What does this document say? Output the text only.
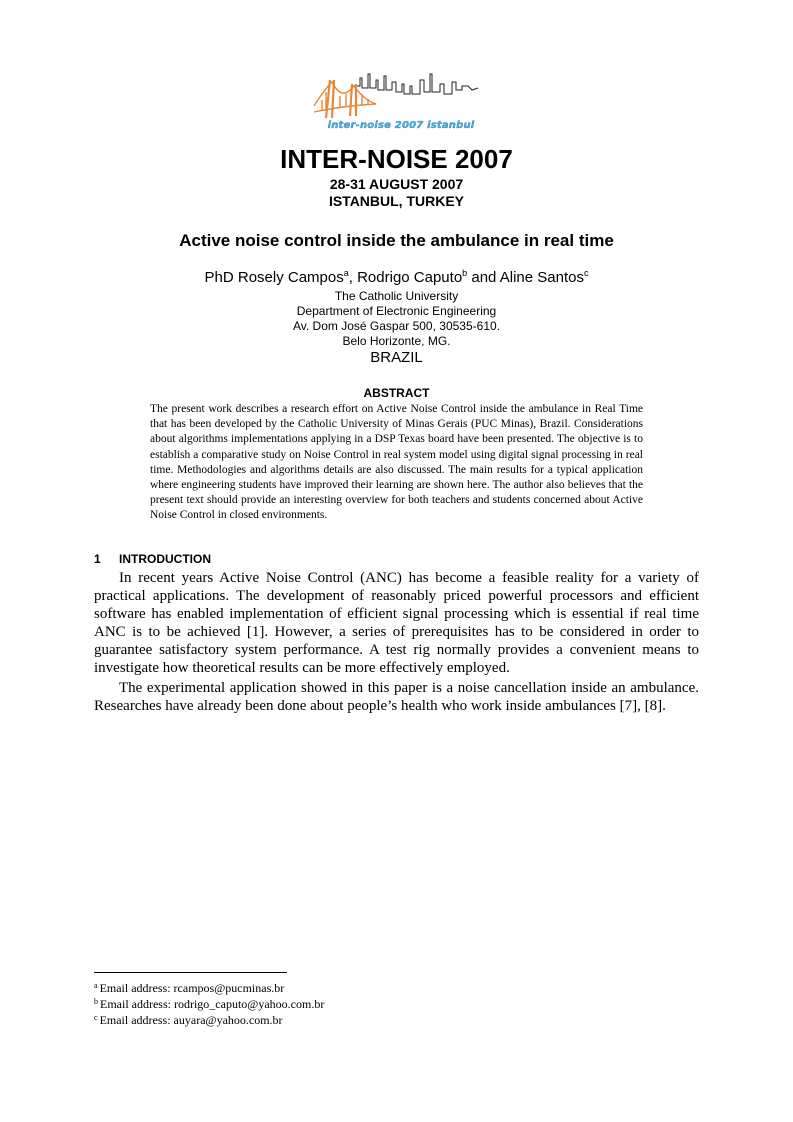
inter-noise 2007 istanbul
INTER-NOISE 2007
28-31 AUGUST 2007
ISTANBUL, TURKEY
Active noise control inside the ambulance in real time
PhD Rosely Campos$^a$, Rodrigo Caputo$^b$ and Aline Santos$^c$
The Catholic University
Department of Electronic Engineering
Av. Dom José Gaspar 500, 30535-610.
Belo Horizonte, MG.
BRAZIL
ABSTRACT
The present work describes a research effort on Active Noise Control inside the ambulance in Real Time that has been developed by the Catholic University of Minas Gerais (PUC Minas), Brazil. Considerations about algorithms implementations applying in a DSP Texas board have been presented. The objective is to establish a comparative study on Noise Control in real system model using digital signal processing in real time. Methodologies and algorithms details are also discussed. The main results for a typical application where engineering students have improved their learning are shown here. The author also believes that the present text should provide an interesting overview for both teachers and students concerned about Active Noise Control in closed environments.
1 INTRODUCTION

In recent years Active Noise Control (ANC) has become a feasible reality for a variety of practical applications. The development of reasonably priced powerful processors and efficient software has enabled implementation of efficient signal processing which is essential if real time ANC is to be achieved [1]. However, a series of prerequisites has to be considered in order to guarantee satisfactory system performance. A test rig normally provides a convenient means to investigate how theoretical results can be more effectively employed.

The experimental application showed in this paper is a noise cancellation inside an ambulance. Researches have already been done about people’s health who work inside ambulances [7], [8].

$^a$ Email address: rcampos@pucminas.br
$^b$ Email address: rodrigo_caputo@yahoo.com.br
$^c$ Email address: auyara@yahoo.com.br
